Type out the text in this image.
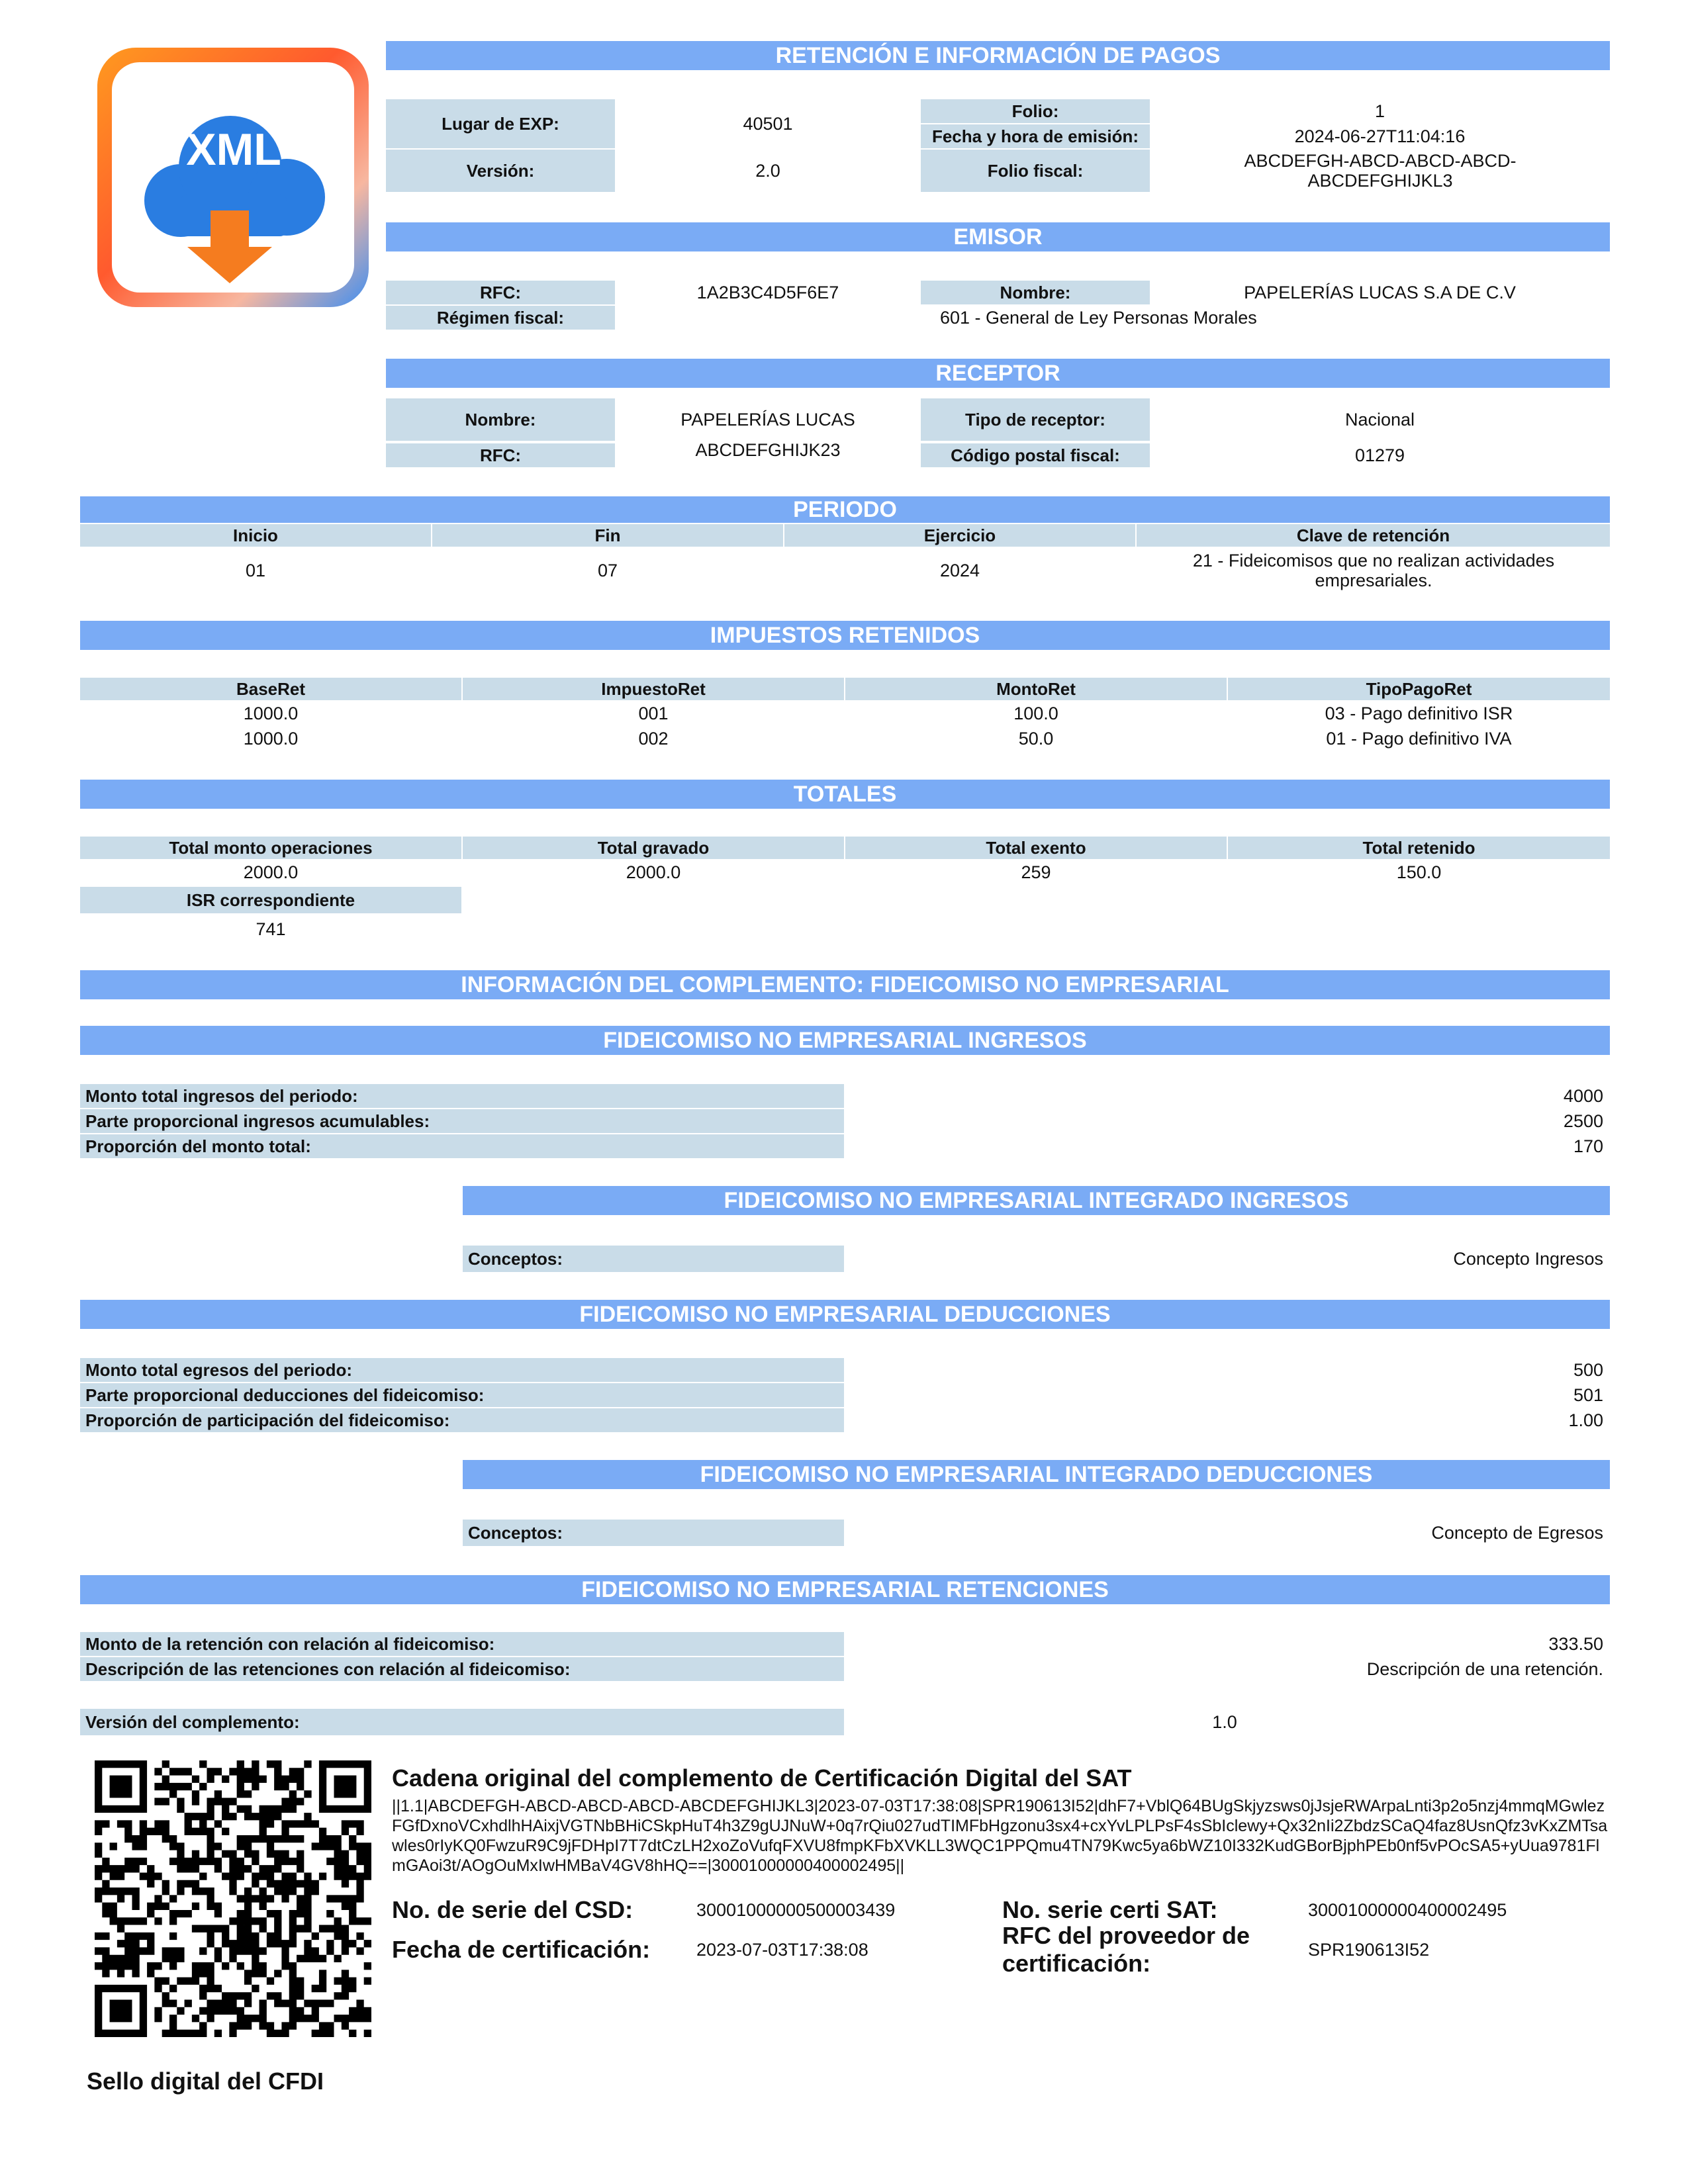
XML
RETENCIÓN E INFORMACIÓN DE PAGOS
Lugar de EXP:	40501
Versión:	2.0
Folio:	1
Fecha y hora de emisión:	2024-06-27T11:04:16
Folio fiscal:	ABCDEFGH-ABCD-ABCD-ABCD-ABCDEFGHIJKL3
EMISOR
RFC:	1A2B3C4D5F6E7	Nombre:	PAPELERÍAS LUCAS S.A DE C.V
Régimen fiscal:	601 - General de Ley Personas Morales
RECEPTOR
Nombre:	PAPELERÍAS LUCAS
RFC:	ABCDEFGHIJK23
Tipo de receptor:	Nacional
Código postal fiscal:	01279
PERIODO
Inicio	Fin	Ejercicio	Clave de retención
01	07	2024	21 - Fideicomisos que no realizan actividades empresariales.
IMPUESTOS RETENIDOS
BaseRet	ImpuestoRet	MontoRet	TipoPagoRet
1000.0	001	100.0	03 - Pago definitivo ISR
1000.0	002	50.0	01 - Pago definitivo IVA
TOTALES
Total monto operaciones	Total gravado	Total exento	Total retenido
2000.0	2000.0	259	150.0
ISR correspondiente
741
INFORMACIÓN DEL COMPLEMENTO: FIDEICOMISO NO EMPRESARIAL
FIDEICOMISO NO EMPRESARIAL INGRESOS
Monto total ingresos del periodo:	4000
Parte proporcional ingresos acumulables:	2500
Proporción del monto total:	170
FIDEICOMISO NO EMPRESARIAL INTEGRADO INGRESOS
Conceptos:	Concepto Ingresos
FIDEICOMISO NO EMPRESARIAL DEDUCCIONES
Monto total egresos del periodo:	500
Parte proporcional deducciones del fideicomiso:	501
Proporción de participación del fideicomiso:	1.00
FIDEICOMISO NO EMPRESARIAL INTEGRADO DEDUCCIONES
Conceptos:	Concepto de Egresos
FIDEICOMISO NO EMPRESARIAL RETENCIONES
Monto de la retención con relación al fideicomiso:	333.50
Descripción de las retenciones con relación al fideicomiso:	Descripción de una retención.
Versión del complemento:	1.0
Cadena original del complemento de Certificación Digital del SAT
||1.1|ABCDEFGH-ABCD-ABCD-ABCD-ABCDEFGHIJKL3|2023-07-03T17:38:08|SPR190613I52|dhF7+VblQ64BUgSkjyzsws0jJsjeRWArpaLnti3p2o5nzj4mmqMGwlezFGfDxnoVCxhdlhHAixjVGTNbBHiCSkpHuT4h3Z9gUJNuW+0q7rQiu027udTIMFbHgzonu3sx4+cxYvLPLPsF4sSbIclewy+Qx32nIi2ZbdzSCaQ4faz8UsnQfz3vKxZMTsawles0rIyKQ0FwzuR9C9jFDHpI7T7dtCzLH2xoZoVufqFXVU8fmpKFbXVKLL3WQC1PPQmu4TN79Kwc5ya6bWZ10I332KudGBorBjphPEb0nf5vPOcSA5+yUua9781FlmGAoi3t/AOgOuMxIwHMBaV4GV8hHQ==|30001000000400002495||
No. de serie del CSD:	30001000000500003439	No. serie certi SAT:	30001000000400002495
Fecha de certificación:	2023-07-03T17:38:08
RFC del proveedor de certificación:	SPR190613I52
Sello digital del CFDI
